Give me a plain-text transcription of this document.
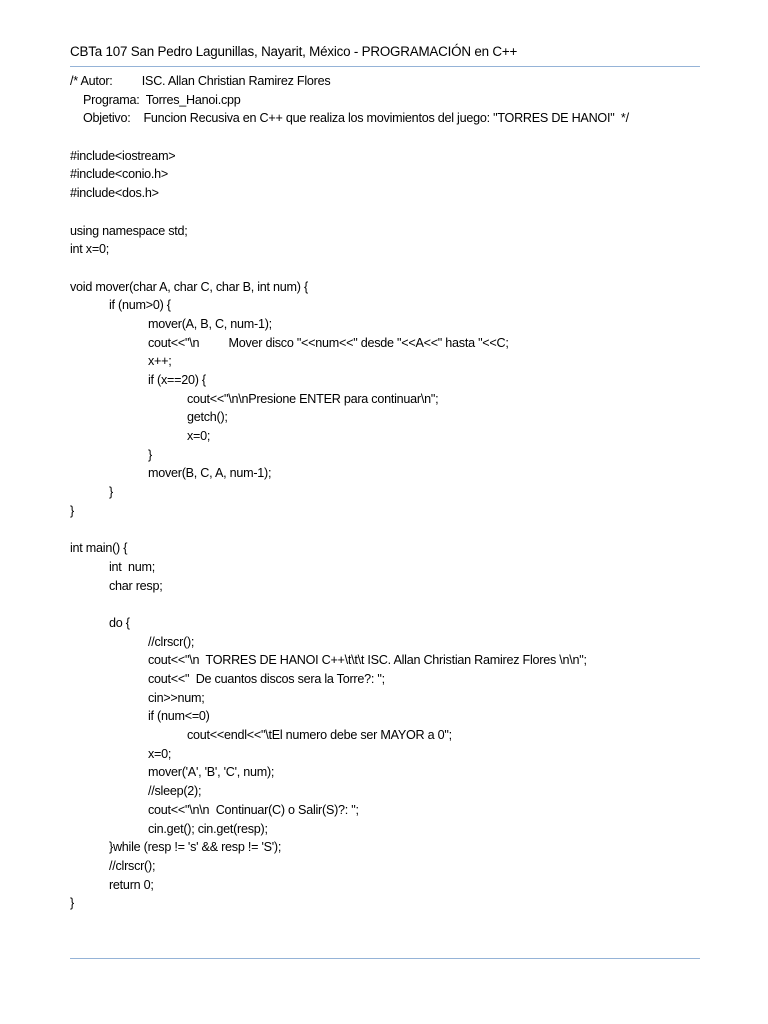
CBTa 107 San Pedro Lagunillas, Nayarit, México - PROGRAMACIÓN en C++
/* Autor:         ISC. Allan Christian Ramirez Flores
Programa:  Torres_Hanoi.cpp
Objetivo:    Funcion Recusiva en C++ que realiza los movimientos del juego: "TORRES DE HANOI"  */
#include<iostream>
#include<conio.h>
#include<dos.h>
using namespace std;
int x=0;
void mover(char A, char C, char B, int num) {
if (num>0) {
mover(A, B, C, num-1);
cout<<"\n         Mover disco "<<num<<" desde "<<A<<" hasta "<<C;
x++;
if (x==20) {
cout<<"\n\nPresione ENTER para continuar\n";
getch();
x=0;
}
mover(B, C, A, num-1);
}
}
int main() {
int  num;
char resp;
do {
//clrscr();
cout<<"\n  TORRES DE HANOI C++\t\t\t ISC. Allan Christian Ramirez Flores \n\n";
cout<<"  De cuantos discos sera la Torre?: ";
cin>>num;
if (num<=0)
cout<<endl<<"\tEl numero debe ser MAYOR a 0";
x=0;
mover('A', 'B', 'C', num);
//sleep(2);
cout<<"\n\n  Continuar(C) o Salir(S)?: ";
cin.get(); cin.get(resp);
}while (resp != 's' && resp != 'S');
//clrscr();
return 0;
}
